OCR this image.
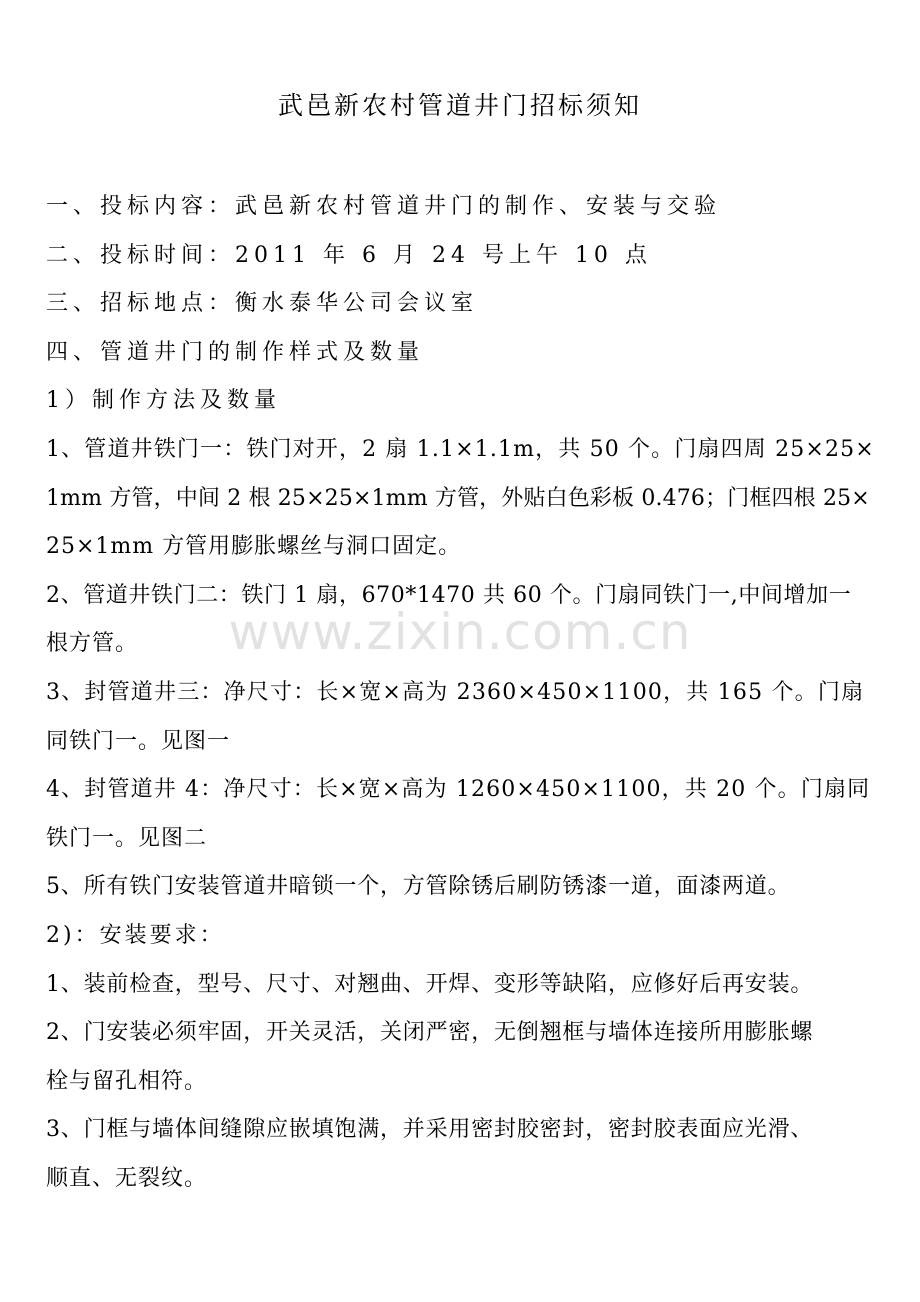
武邑新农村管道井门招标须知

一、投标内容：武邑新农村管道井门的制作、安装与交验

二、投标时间：2011 年 6 月 24 号上午 10 点

三、招标地点：衡水泰华公司会议室

四、管道井门的制作样式及数量

1）制作方法及数量

1、管道井铁门一：铁门对开，2 扇 1.1×1.1m，共 50 个。门扇四周 25×25×

1mm 方管，中间 2 根 25×25×1mm 方管，外贴白色彩板 0.476；门框四根 25×

25×1mm 方管用膨胀螺丝与洞口固定。

2、管道井铁门二：铁门 1 扇，670*1470 共 60 个。门扇同铁门一,中间增加一

根方管。

3、封管道井三：净尺寸：长×宽×高为 2360×450×1100，共 165 个。门扇

同铁门一。见图一

4、封管道井 4：净尺寸：长×宽×高为 1260×450×1100，共 20 个。门扇同

铁门一。见图二

5、所有铁门安装管道井暗锁一个，方管除锈后刷防锈漆一道，面漆两道。

2)：安装要求：

1、装前检查，型号、尺寸、对翘曲、开焊、变形等缺陷，应修好后再安装。

2、门安装必须牢固，开关灵活，关闭严密，无倒翘框与墙体连接所用膨胀螺

栓与留孔相符。

3、门框与墙体间缝隙应嵌填饱满，并采用密封胶密封，密封胶表面应光滑、

顺直、无裂纹。

www.zixin.com.cn
